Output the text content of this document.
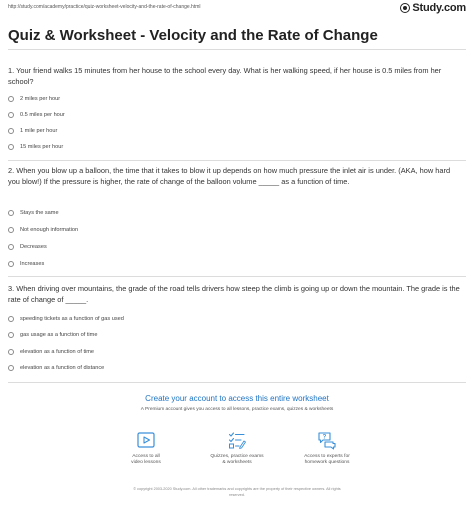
http://study.com/academy/practice/quiz-worksheet-velocity-and-the-rate-of-change.html	Study.com
Quiz & Worksheet - Velocity and the Rate of Change
1. Your friend walks 15 minutes from her house to the school every day. What is her walking speed, if her house is 0.5 miles from her school?
2 miles per hour
0.5 miles per hour
1 mile per hour
15 miles per hour
2. When you blow up a balloon, the time that it takes to blow it up depends on how much pressure the inlet air is under. (AKA, how hard you blow!) If the pressure is higher, the rate of change of the balloon volume _____ as a function of time.
Stays the same
Not enough information
Decreases
Increases
3. When driving over mountains, the grade of the road tells drivers how steep the climb is going up or down the mountain. The grade is the rate of change of _____.
speeding tickets as a function of gas used
gas usage as a function of time
elevation as a function of time
elevation as a function of distance
Create your account to access this entire worksheet
A Premium account gives you access to all lessons, practice exams, quizzes & worksheets
Access to all
video lessons
Quizzes, practice exams
& worksheets
?
Access to experts for
homework questions
© copyright 2003-2020 Study.com. All other trademarks and copyrights are the property of their respective owners. All rights
reserved.
